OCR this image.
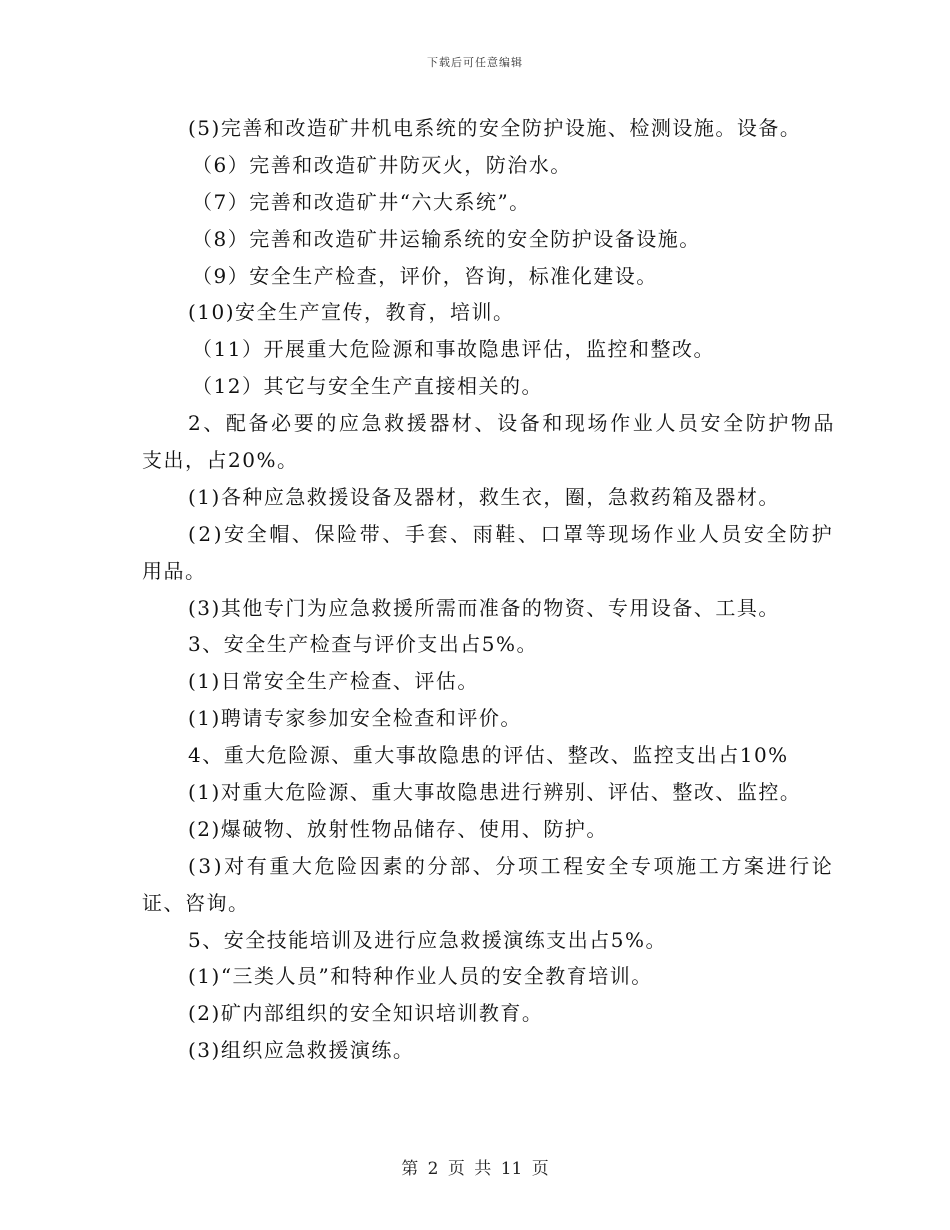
下载后可任意编辑
(5)完善和改造矿井机电系统的安全防护设施、检测设施。设备。
（6）完善和改造矿井防灭火，防治水。
（7）完善和改造矿井“六大系统”。
（8）完善和改造矿井运输系统的安全防护设备设施。
（9）安全生产检查，评价，咨询，标准化建设。
(10)安全生产宣传，教育，培训。
（11）开展重大危险源和事故隐患评估，监控和整改。
（12）其它与安全生产直接相关的。
2、配备必要的应急救援器材、设备和现场作业人员安全防护物品
支出，占20%。
(1)各种应急救援设备及器材，救生衣，圈，急救药箱及器材。
(2)安全帽、保险带、手套、雨鞋、口罩等现场作业人员安全防护
用品。
(3)其他专门为应急救援所需而准备的物资、专用设备、工具。
3、安全生产检查与评价支出占5%。
(1)日常安全生产检查、评估。
(1)聘请专家参加安全检查和评价。
4、重大危险源、重大事故隐患的评估、整改、监控支出占10%
(1)对重大危险源、重大事故隐患进行辨别、评估、整改、监控。
(2)爆破物、放射性物品储存、使用、防护。
(3)对有重大危险因素的分部、分项工程安全专项施工方案进行论
证、咨询。
5、安全技能培训及进行应急救援演练支出占5%。
(1)“三类人员”和特种作业人员的安全教育培训。
(2)矿内部组织的安全知识培训教育。
(3)组织应急救援演练。
第 2 页 共 11 页
